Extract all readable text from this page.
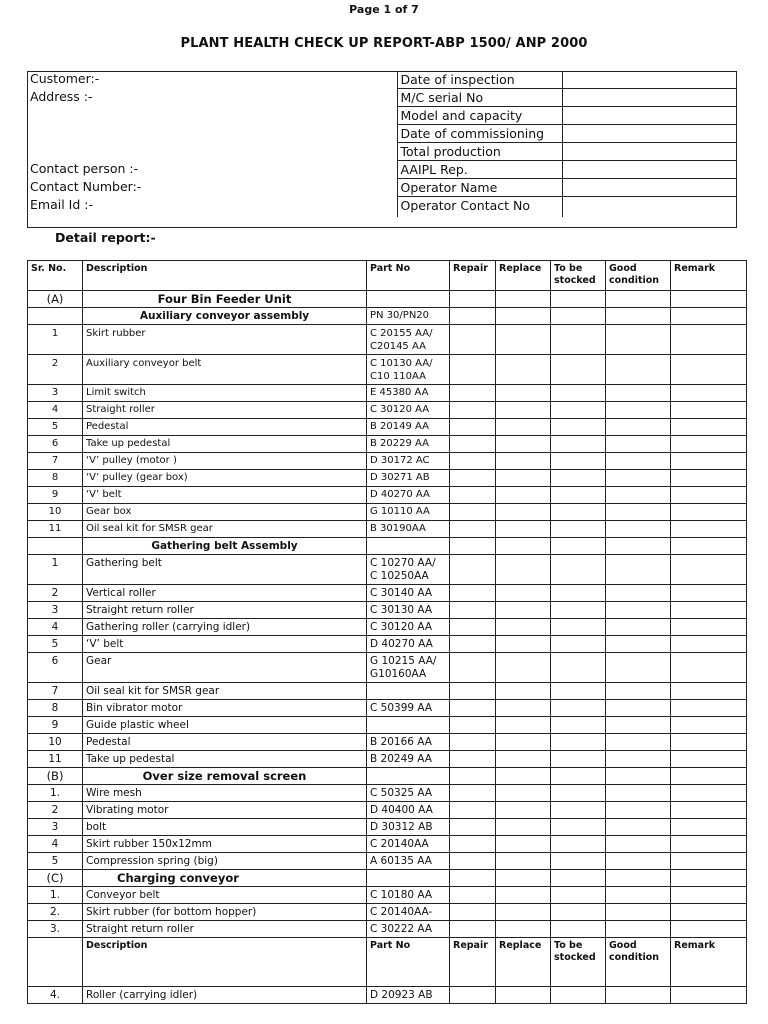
Page 1 of 7
PLANT HEALTH CHECK UP REPORT-ABP 1500/ ANP 2000
Customer:-	Date of inspection	
Address :-	M/C serial No	
	Model and capacity	
	Date of commissioning	
	Total production	
Contact person :-	AAIPL Rep.	
Contact Number:-	Operator Name	
Email Id :-	Operator Contact No	
Detail report:-
Sr. No.	Description	Part No	Repair	Replace	To be stocked	Good condition	Remark
(A)	Four Bin Feeder Unit						
	Auxiliary conveyor assembly	PN 30/PN20					
1	Skirt rubber	C 20155 AA/
C20145 AA					
2	Auxiliary conveyor belt	C 10130 AA/
C10 110AA					
3	Limit switch	E 45380 AA					
4	Straight roller	C 30120 AA					
5	Pedestal	B 20149 AA					
6	Take up pedestal	B 20229 AA					
7	‘V’ pulley (motor )	D 30172 AC					
8	‘V’ pulley (gear box)	D 30271 AB					
9	‘V’ belt	D 40270 AA					
10	Gear box	G 10110 AA					
11	Oil seal kit for SMSR gear	B 30190AA					
	Gathering belt Assembly						
1	Gathering belt	C 10270 AA/
C 10250AA					
2	Vertical roller	C 30140 AA					
3	Straight return roller	C 30130 AA					
4	Gathering roller (carrying idler)	C 30120 AA					
5	‘V’ belt	D 40270 AA					
6	Gear	G 10215 AA/
G10160AA					
7	Oil seal kit for SMSR gear						
8	Bin vibrator motor	C 50399 AA					
9	Guide plastic wheel						
10	Pedestal	B 20166 AA					
11	Take up pedestal	B 20249 AA					
(B)	Over size removal screen						
1.	Wire mesh	C 50325 AA					
2	Vibrating motor	D 40400 AA					
3	bolt	D 30312 AB					
4	Skirt rubber 150x12mm	C 20140AA					
5	Compression spring (big)	A 60135 AA					
(C)	Charging conveyor						
1.	Conveyor belt	C 10180 AA					
2.	Skirt rubber (for bottom hopper)	C 20140AA-					
3.	Straight return roller	C 30222 AA					
	Description	Part No	Repair	Replace	To be stocked	Good condition	Remark
4.	Roller (carrying idler)	D 20923 AB					
